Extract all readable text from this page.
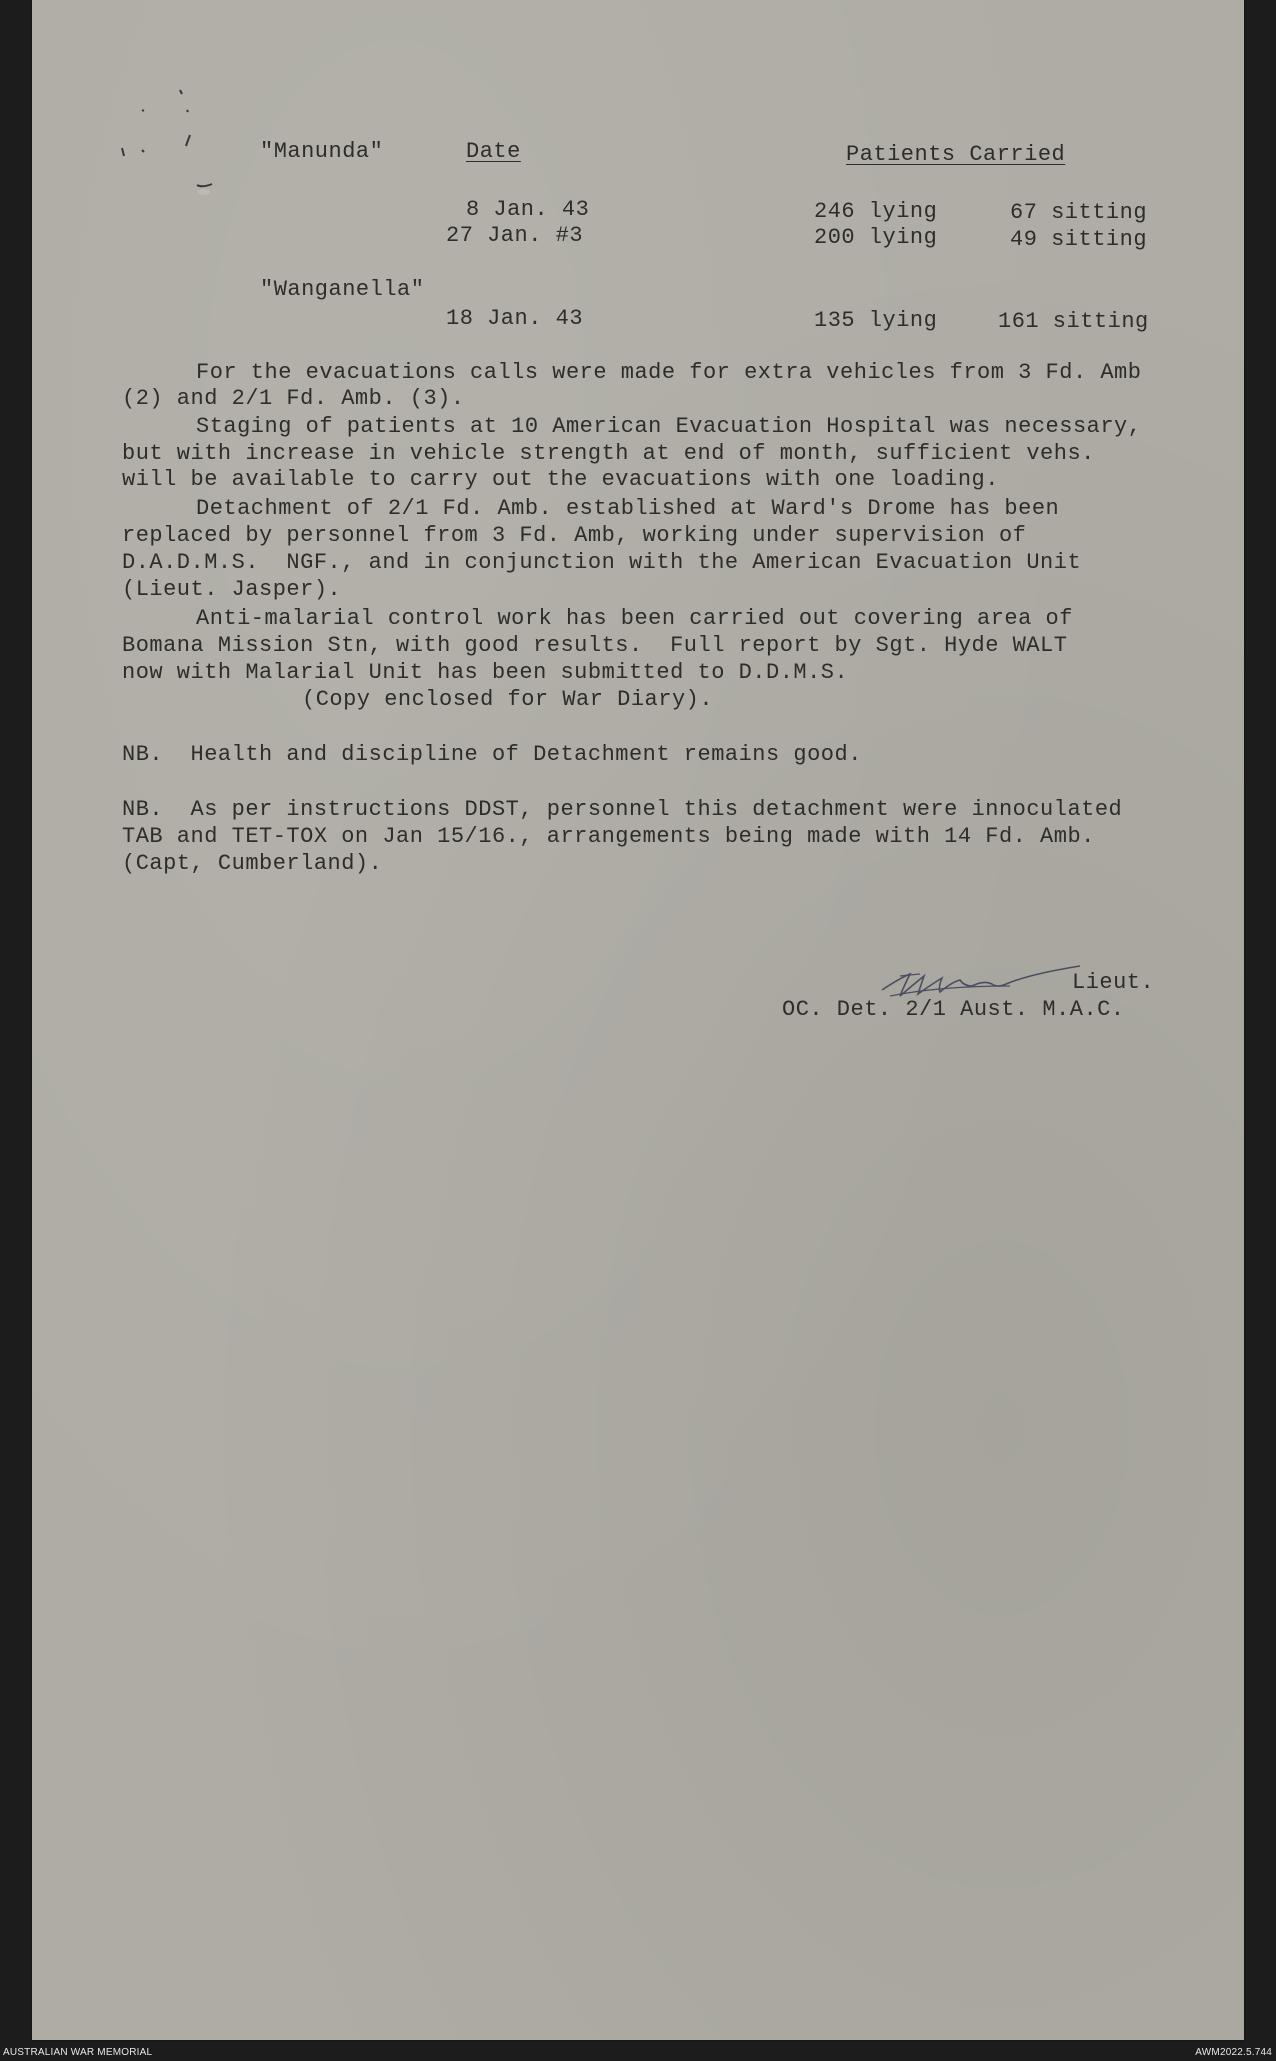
"Manunda"	Date	Patients Carried
8 Jan. 43	246 lying	67 sitting
27 Jan. #3	200 lying	49 sitting
"Wanganella"
18 Jan. 43	135 lying	161 sitting
For the evacuations calls were made for extra vehicles from 3 Fd. Amb
(2) and 2/1 Fd. Amb. (3).
Staging of patients at 10 American Evacuation Hospital was necessary,
but with increase in vehicle strength at end of month, sufficient vehs.
will be available to carry out the evacuations with one loading.
Detachment of 2/1 Fd. Amb. established at Ward's Drome has been
replaced by personnel from 3 Fd. Amb, working under supervision of
D.A.D.M.S.  NGF., and in conjunction with the American Evacuation Unit
(Lieut. Jasper).
Anti-malarial control work has been carried out covering area of
Bomana Mission Stn, with good results.  Full report by Sgt. Hyde WALT
now with Malarial Unit has been submitted to D.D.M.S.
(Copy enclosed for War Diary).
NB.  Health and discipline of Detachment remains good.
NB.  As per instructions DDST, personnel this detachment were innoculated
TAB and TET-TOX on Jan 15/16., arrangements being made with 14 Fd. Amb.
(Capt, Cumberland).
Lieut.
OC. Det. 2/1 Aust. M.A.C.
AUSTRALIAN WAR MEMORIAL	AWM2022.5.744
